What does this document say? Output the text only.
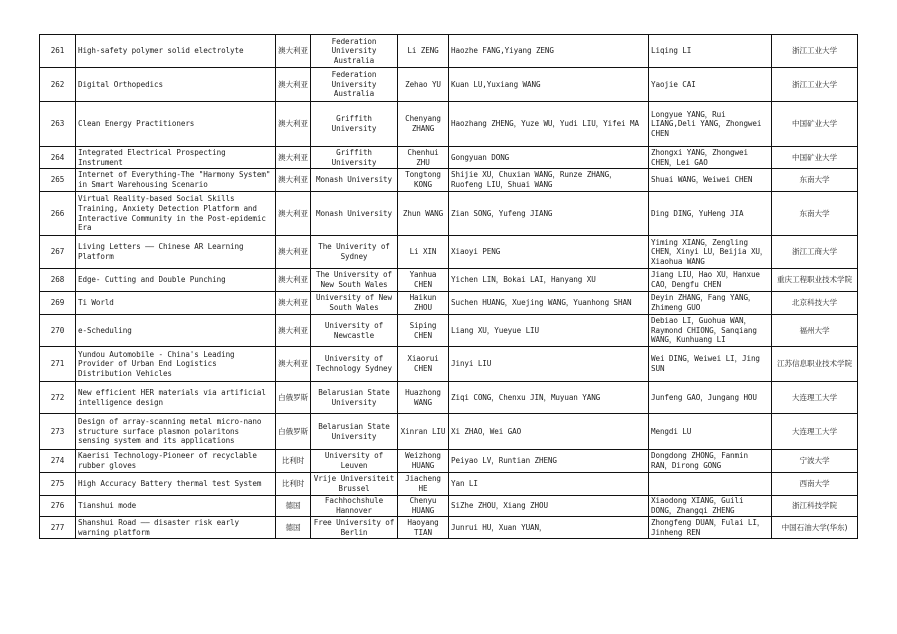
261	High-safety polymer solid electrolyte	澳大利亚	Federation University Australia	Li ZENG	Haozhe FANG,Yiyang ZENG	Liqing LI	浙江工业大学
262	Digital Orthopedics	澳大利亚	Federation University Australia	Zehao YU	Kuan LU,Yuxiang WANG	Yaojie CAI	浙江工业大学
263	Clean Energy Practitioners	澳大利亚	Griffith University	Chenyang ZHANG	Haozhang ZHENG，Yuze WU，Yudi LIU，Yifei MA	Longyue YANG，Rui LIANG,Deli YANG，Zhongwei CHEN	中国矿业大学
264	Integrated Electrical Prospecting Instrument	澳大利亚	Griffith University	Chenhui ZHU	Gongyuan DONG	Zhongxi YANG，Zhongwei CHEN，Lei GAO	中国矿业大学
265	Internet of Everything-The "Harmony System" in Smart Warehousing Scenario	澳大利亚	Monash University	Tongtong KONG	Shijie XU，Chuxian WANG，Runze ZHANG，Ruofeng LIU，Shuai WANG	Shuai WANG，Weiwei CHEN	东南大学
266	Virtual Reality-based Social Skills Training, Anxiety Detection Platform and Interactive Community in the Post-epidemic Era	澳大利亚	Monash University	Zhun WANG	Zian SONG，Yufeng JIANG	Ding DING，YuHeng JIA	东南大学
267	Living Letters —— Chinese AR Learning Platform	澳大利亚	The Univerity of Sydney	Li XIN	Xiaoyi PENG	Yiming XIANG，Zengling CHEN，Xinyi LU，Beijia XU，Xiaohua WANG	浙江工商大学
268	Edge- Cutting and Double Punching	澳大利亚	The University of New South Wales	Yanhua CHEN	Yichen LIN，Bokai LAI，Hanyang XU	Jiang LIU，Hao XU，Hanxue CAO，Dengfu CHEN	重庆工程职业技术学院
269	Ti World	澳大利亚	University of New South Wales	Haikun ZHOU	Suchen HUANG，Xuejing WANG，Yuanhong SHAN	Deyin ZHANG，Fang YANG，Zhimeng GUO	北京科技大学
270	e-Scheduling	澳大利亚	University of Newcastle	Siping CHEN	Liang XU，Yueyue LIU	Debiao LI，Guohua WAN，Raymond CHIONG，Sanqiang WANG，Kunhuang LI	福州大学
271	Yundou Automobile - China's Leading Provider of Urban End Logistics Distribution Vehicles	澳大利亚	University of Technology Sydney	Xiaorui CHEN	Jinyi LIU	Wei DING，Weiwei LI，Jing SUN	江苏信息职业技术学院
272	New efficient HER materials via artificial intelligence design	白俄罗斯	Belarusian State University	Huazhong WANG	Ziqi CONG，Chenxu JIN，Muyuan YANG	Junfeng GAO，Jungang HOU	大连理工大学
273	Design of array-scanning metal micro-nano structure surface plasmon polaritons sensing system and its applications	白俄罗斯	Belarusian State University	Xinran LIU	Xi ZHAO，Wei GAO	Mengdi LU	大连理工大学
274	Kaerisi Technology-Pioneer of recyclable rubber gloves	比利时	University of Leuven	Weizhong HUANG	Peiyao LV，Runtian ZHENG	Dongdong ZHONG，Fanmin RAN，Dirong GONG	宁波大学
275	High Accuracy Battery thermal test System	比利时	Vrije Universiteit Brussel	Jiacheng HE	Yan LI		西南大学
276	Tianshui mode	德国	Fachhochshule Hannover	Chenyu HUANG	SiZhe ZHOU，Xiang ZHOU	Xiaodong XIANG，Guili DONG，Zhangqi ZHENG	浙江科技学院
277	Shanshui Road —— disaster risk early warning platform	德国	Free University of Berlin	Haoyang TIAN	Junrui HU，Xuan YUAN，	Zhongfeng DUAN，Fulai LI，Jinheng REN	中国石油大学(华东)
